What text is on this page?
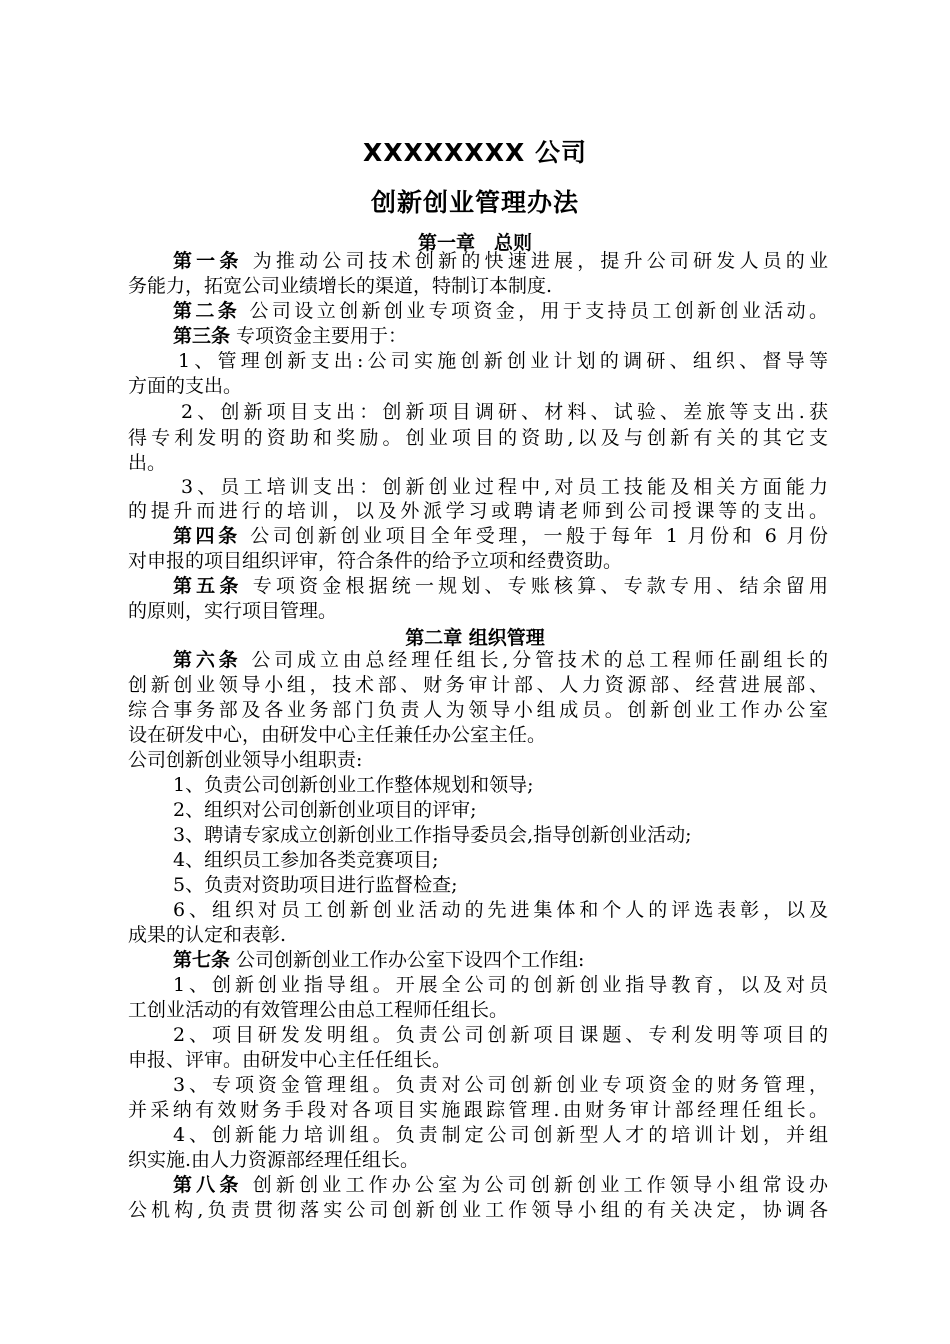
XXXXXXXX 公司
创新创业管理办法
第一章　总则
第一条 为推动公司技术创新的快速进展，提升公司研发人员的业
务能力，拓宽公司业绩增长的渠道，特制订本制度.
第二条 公司设立创新创业专项资金，用于支持员工创新创业活动。
第三条 专项资金主要用于：
1、管理创新支出:公司实施创新创业计划的调研、组织、督导等
方面的支出。
2、创新项目支出：创新项目调研、材料、试验、差旅等支出.获
得专利发明的资助和奖励。创业项目的资助,以及与创新有关的其它支
出。
3、员工培训支出：创新创业过程中,对员工技能及相关方面能力
的提升而进行的培训，以及外派学习或聘请老师到公司授课等的支出。
第四条 公司创新创业项目全年受理，一般于每年 1 月份和 6 月份
对申报的项目组织评审，符合条件的给予立项和经费资助。
第五条 专项资金根据统一规划、专账核算、专款专用、结余留用
的原则，实行项目管理。
第二章 组织管理
第六条 公司成立由总经理任组长,分管技术的总工程师任副组长的
创新创业领导小组，技术部、财务审计部、人力资源部、经营进展部、
综合事务部及各业务部门负责人为领导小组成员。创新创业工作办公室
设在研发中心，由研发中心主任兼任办公室主任。
公司创新创业领导小组职责:
1、负责公司创新创业工作整体规划和领导;
2、组织对公司创新创业项目的评审;
3、聘请专家成立创新创业工作指导委员会,指导创新创业活动;
4、组织员工参加各类竞赛项目;
5、负责对资助项目进行监督检查;
6、组织对员工创新创业活动的先进集体和个人的评选表彰，以及
成果的认定和表彰.
第七条 公司创新创业工作办公室下设四个工作组:
1、创新创业指导组。开展全公司的创新创业指导教育，以及对员
工创业活动的有效管理公由总工程师任组长。
2、项目研发发明组。负责公司创新项目课题、专利发明等项目的
申报、评审。由研发中心主任任组长。
3、专项资金管理组。负责对公司创新创业专项资金的财务管理，
并采纳有效财务手段对各项目实施跟踪管理.由财务审计部经理任组长。
4、创新能力培训组。负责制定公司创新型人才的培训计划，并组
织实施.由人力资源部经理任组长。
第八条 创新创业工作办公室为公司创新创业工作领导小组常设办
公机构,负责贯彻落实公司创新创业工作领导小组的有关决定，协调各
